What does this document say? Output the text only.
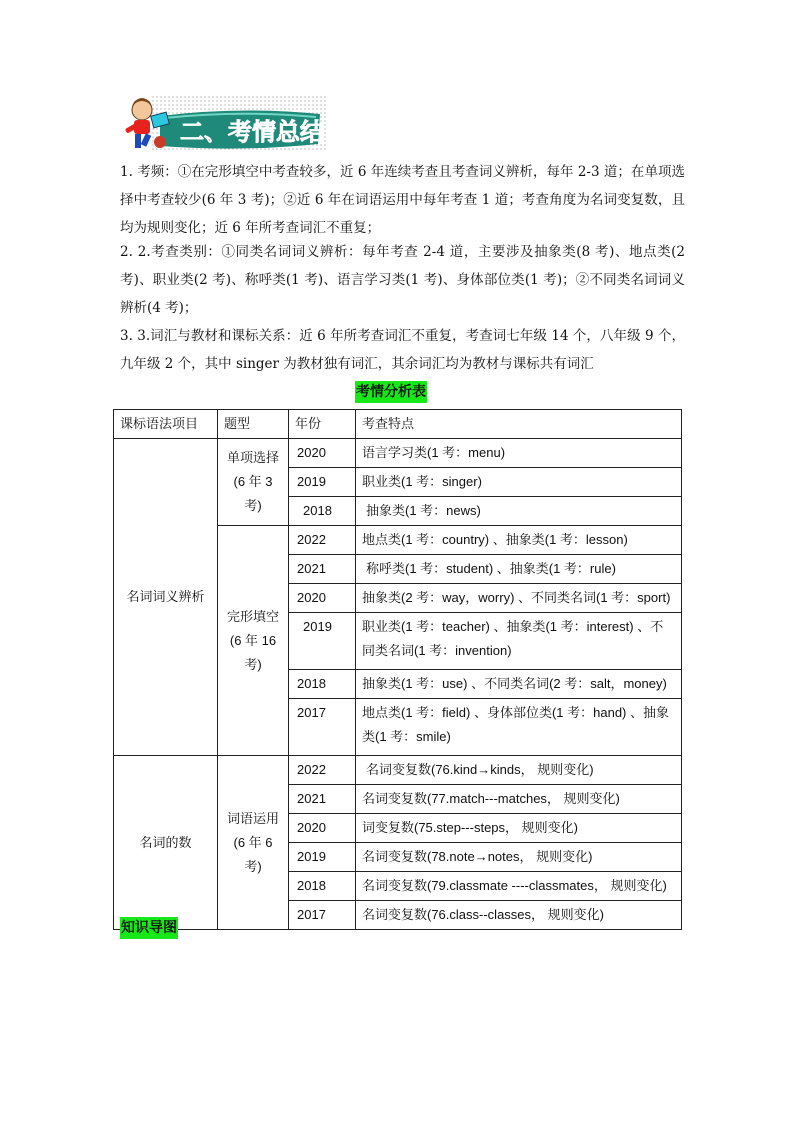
二、考情总结

1. 考频：①在完形填空中考查较多，近 6 年连续考查且考查词义辨析，每年 2-3 道；在单项选择中考查较少(6 年 3 考)；②近 6 年在词语运用中每年考查 1 道；考查角度为名词变复数，且均为规则变化；近 6 年所考查词汇不重复；

2. 2.考查类别：①同类名词词义辨析：每年考查 2-4 道，主要涉及抽象类(8 考)、地点类(2 考)、职业类(2 考)、称呼类(1 考)、语言学习类(1 考)、身体部位类(1 考)；②不同类名词词义辨析(4 考)；

3. 3.词汇与教材和课标关系：近 6 年所考查词汇不重复，考查词七年级 14 个，八年级 9 个，九年级 2 个，其中 singer 为教材独有词汇，其余词汇均为教材与课标共有词汇

考情分析表
课标语法项目	题型	年份	考查特点
名词词义辨析	单项选择
(6 年 3 考)	2020	语言学习类(1 考：menu)
		2019	职业类(1 考：singer)
		2018	抽象类(1 考：news)

	完形填空
(6 年 16
考)	2022	地点类(1 考：country) 、抽象类(1 考：lesson)
		2021	称呼类(1 考：student) 、抽象类(1 考：rule)
		2020	抽象类(2 考：way，worry) 、不同类名词(1 考：sport)
		2019	职业类(1 考：teacher) 、抽象类(1 考：interest) 、不同类名词(1 考：invention)
		2018	抽象类(1 考：use) 、不同类名词(2 考：salt，money)
		2017	地点类(1 考：field) 、身体部位类(1 考：hand) 、抽象类(1 考：smile)
名词的数	词语运用
(6 年 6 考)	2022	名词变复数(76.kind→kinds， 规则变化)
		2021	名词变复数(77.match---matches， 规则变化)
		2020	词变复数(75.step---steps， 规则变化)
		2019	名词变复数(78.note→notes， 规则变化)
		2018	名词变复数(79.classmate ----classmates， 规则变化)
		2017	名词变复数(76.class--classes， 规则变化)
知识导图
